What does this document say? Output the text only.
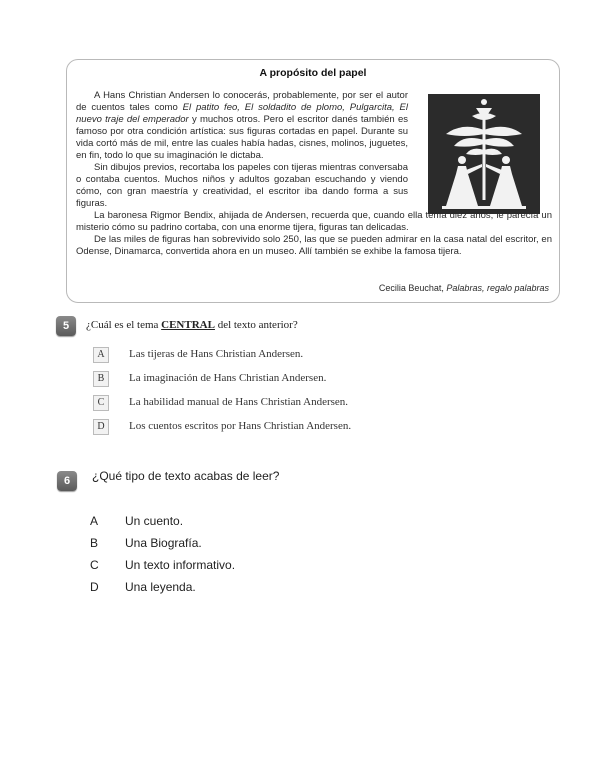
A propósito del papel

A Hans Christian Andersen lo conocerás, probablemente, por ser el autor de cuentos tales como El patito feo, El soldadito de plomo, Pulgarcita, El nuevo traje del emperador y muchos otros. Pero el escritor danés también es famoso por otra condición artística: sus figuras cortadas en papel. Durante su vida cortó más de mil, entre las cuales había hadas, cisnes, molinos, juguetes, en fin, todo lo que su imaginación le dictaba.

Sin dibujos previos, recortaba los papeles con tijeras mientras conversaba o contaba cuentos. Muchos niños y adultos gozaban escuchando y viendo cómo, con gran maestría y creatividad, el escritor iba dando forma a sus figuras.

La baronesa Rigmor Bendix, ahijada de Andersen, recuerda que, cuando ella tenía diez años, le parecía un misterio cómo su padrino cortaba, con una enorme tijera, figuras tan delicadas.

De las miles de figuras han sobrevivido solo 250, las que se pueden admirar en la casa natal del escritor, en Odense, Dinamarca, convertida ahora en un museo. Allí también se exhibe la famosa tijera.

Cecilia Beuchat, Palabras, regalo palabras
5	¿Cuál es el tema CENTRAL del texto anterior?
A Las tijeras de Hans Christian Andersen.
B La imaginación de Hans Christian Andersen.
C La habilidad manual de Hans Christian Andersen.
D Los cuentos escritos por Hans Christian Andersen.
6	¿Qué tipo de texto acabas de leer?
A Un cuento.
B Una Biografía.
C Un texto informativo.
D Una leyenda.
